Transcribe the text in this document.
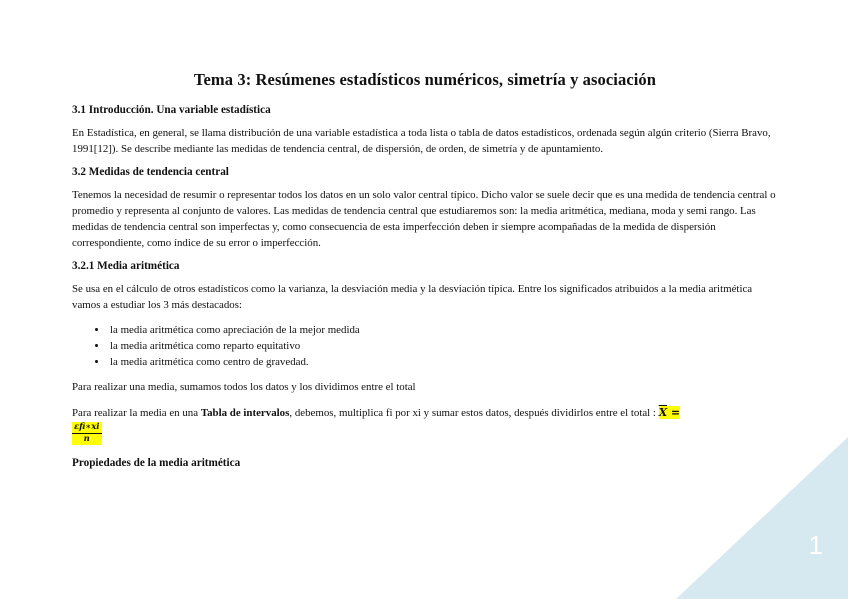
Tema 3: Resúmenes estadísticos numéricos, simetría y asociación
3.1 Introducción. Una variable estadística

En Estadística, en general, se llama distribución de una variable estadística a toda lista o tabla de datos estadísticos, ordenada según algún criterio (Sierra Bravo, 1991[12]). Se describe mediante las medidas de tendencia central, de dispersión, de orden, de simetría y de apuntamiento.

3.2 Medidas de tendencia central

Tenemos la necesidad de resumir o representar todos los datos en un solo valor central típico. Dicho valor se suele decir que es una medida de tendencia central o promedio y representa al conjunto de valores. Las medidas de tendencia central que estudiaremos son: la media aritmética, mediana, moda y semi rango. Las medidas de tendencia central son imperfectas y, como consecuencia de esta imperfección deben ir siempre acompañadas de la medida de dispersión correspondiente, como índice de su error o imperfección.

3.2.1 Media aritmética

Se usa en el cálculo de otros estadísticos como la varianza, la desviación media y la desviación típica. Entre los significados atribuidos a la media aritmética vamos a estudiar los 3 más destacados:

• la media aritmética como apreciación de la mejor medida
• la media aritmética como reparto equitativo
• la media aritmética como centro de gravedad.

Para realizar una media, sumamos todos los datos y los dividimos entre el total

Para realizar la media en una Tabla de intervalos, debemos, multiplica fi por xi y sumar estos datos, después dividirlos entre el total : $\overline{X}$ =

$\frac{\text{εfi∗xi}}{n}$

Propiedades de la media aritmética
1
